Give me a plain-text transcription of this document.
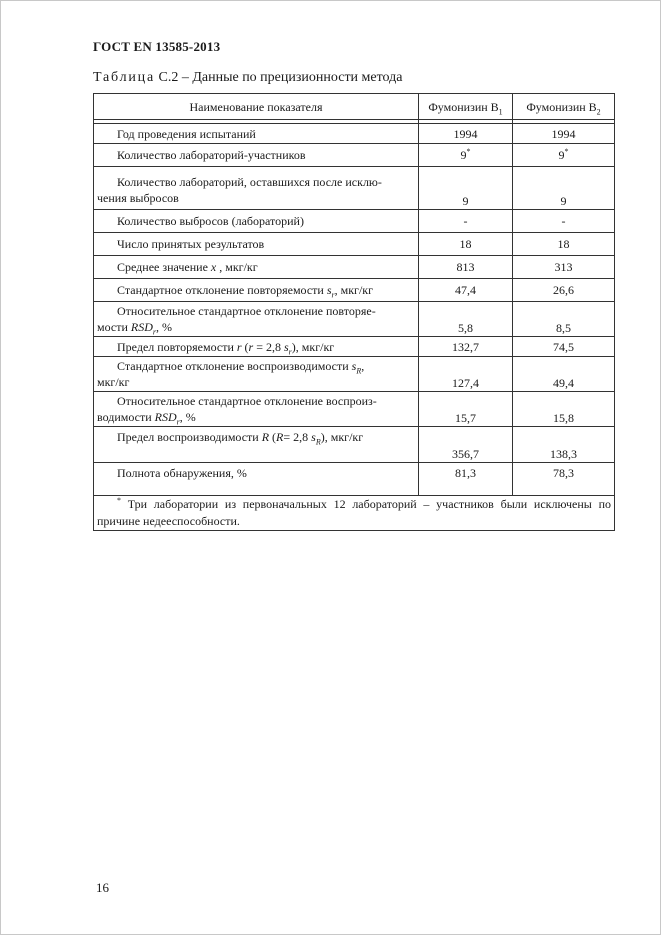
ГОСТ EN 13585-2013
Таблица С.2 – Данные по прецизионности метода
Наименование показателя	Фумонизин $В_1$	Фумонизин $В_2$

Год проведения испытаний	1994	1994
Количество лабораторий-участников	9*	9*
Количество лабораторий, оставшихся после исклю-
чения выбросов	9	9
Количество выбросов (лабораторий)	-	-
Число принятых результатов	18	18
Среднее значение x , мкг/кг	813	313
Стандартное отклонение повторяемости $s_r$, мкг/кг	47,4	26,6
Относительное стандартное отклонение повторяе-
мости $RSD_r$, %	5,8	8,5
Предел повторяемости r (r = 2,8 $s_r$), мкг/кг	132,7	74,5
Стандартное отклонение воспроизводимости $s_R$,
мкг/кг	127,4	49,4
Относительное стандартное отклонение воспроиз-
водимости $RSD_r$, %	15,7	15,8
Предел воспроизводимости R (R= 2,8 $s_R$), мкг/кг	356,7	138,3
Полнота обнаружения, %	81,3	78,3
* Три лаборатории из первоначальных 12 лабораторий – участников были исключены по причине недееспособности.		
16
